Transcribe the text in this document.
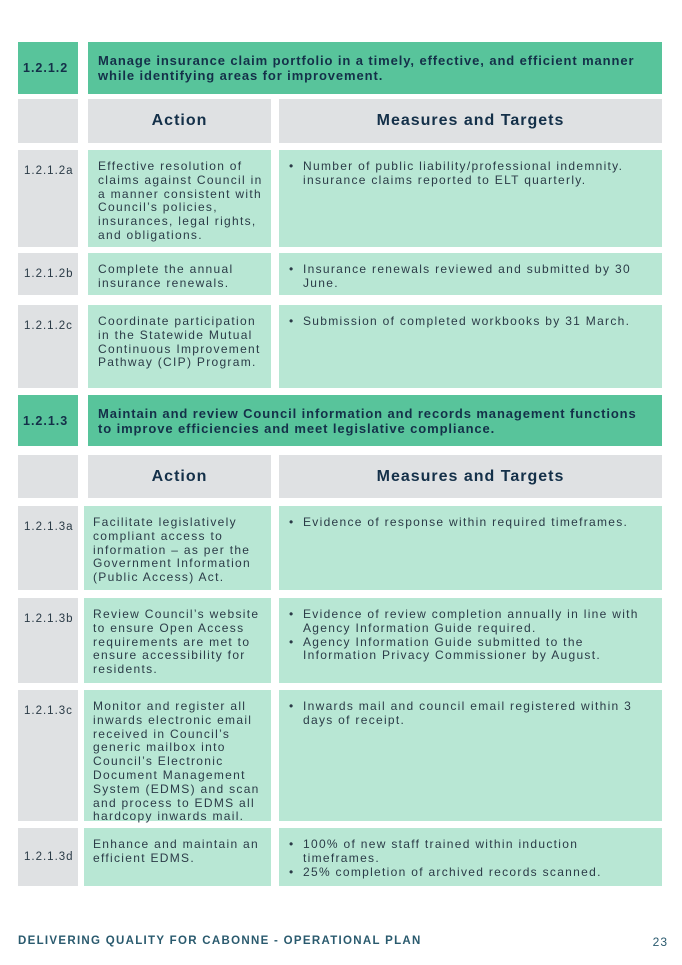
1.2.1.2	Manage insurance claim portfolio in a timely, effective, and efficient manner while identifying areas for improvement.
Action	Measures and Targets
1.2.1.2a	Effective resolution of claims against Council in a manner consistent with Council’s policies, insurances, legal rights, and obligations.
• Number of public liability/professional indemnity. insurance claims reported to ELT quarterly.
1.2.1.2b	Complete the annual insurance renewals.
• Insurance renewals reviewed and submitted by 30 June.
1.2.1.2c	Coordinate participation in the Statewide Mutual Continuous Improvement Pathway (CIP) Program.
• Submission of completed workbooks by 31 March.
1.2.1.3	Maintain and review Council information and records management functions to improve efficiencies and meet legislative compliance.
Action	Measures and Targets
1.2.1.3a	Facilitate legislatively compliant access to information – as per the Government Information (Public Access) Act.
• Evidence of response within required timeframes.
1.2.1.3b	Review Council’s website to ensure Open Access requirements are met to ensure accessibility for residents.
• Evidence of review completion annually in line with Agency Information Guide required.
• Agency Information Guide submitted to the Information Privacy Commissioner by August.
1.2.1.3c	Monitor and register all inwards electronic email received in Council’s generic mailbox into Council’s Electronic Document Management System (EDMS) and scan and process to EDMS all hardcopy inwards mail.
• Inwards mail and council email registered within 3 days of receipt.
1.2.1.3d
Enhance and maintain an efficient EDMS.
• 100% of new staff trained within induction timeframes.
• 25% completion of archived records scanned.
DELIVERING QUALITY FOR CABONNE - OPERATIONAL PLAN	23
